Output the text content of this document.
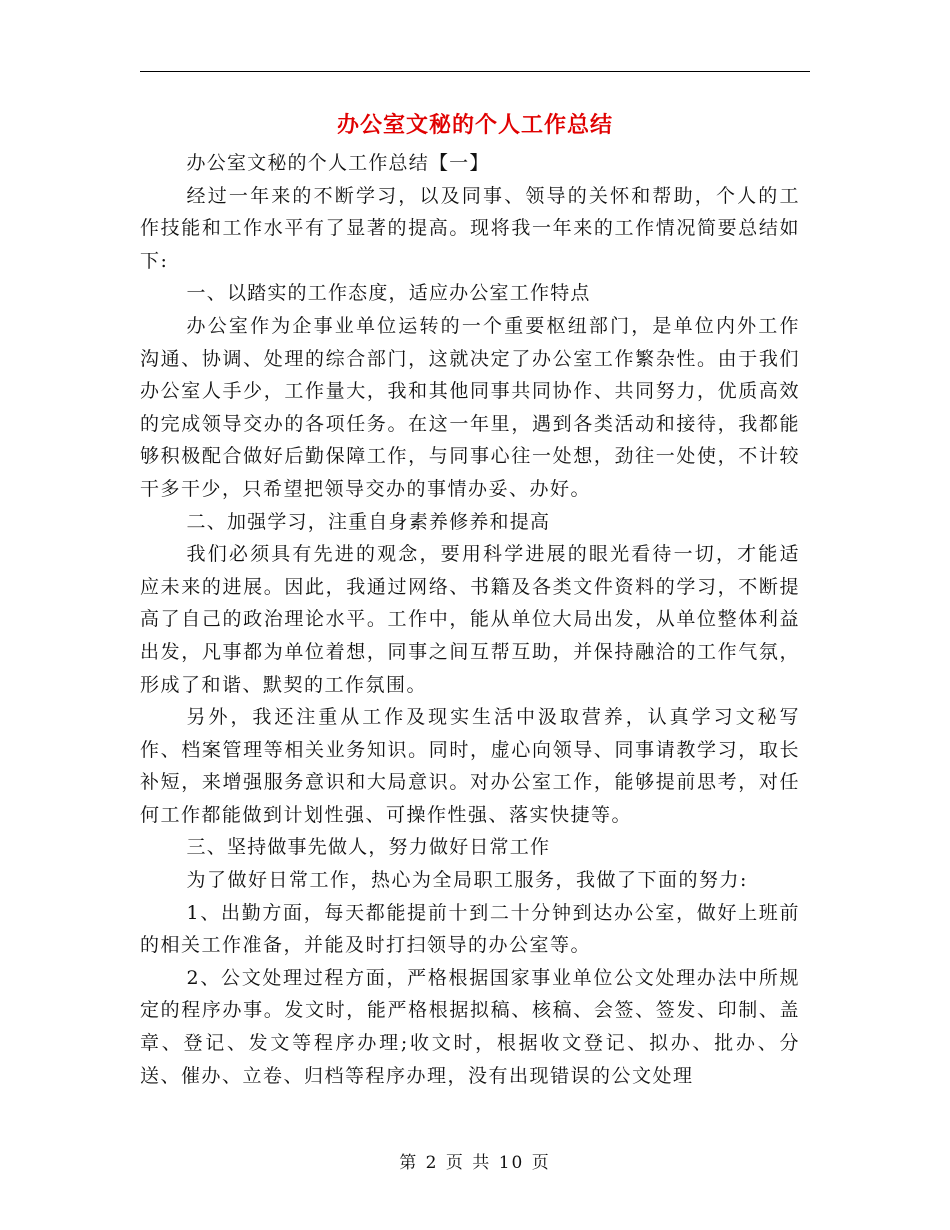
办公室文秘的个人工作总结

办公室文秘的个人工作总结【一】

经过一年来的不断学习，以及同事、领导的关怀和帮助，个人的工作技能和工作水平有了显著的提高。现将我一年来的工作情况简要总结如下:

一、以踏实的工作态度，适应办公室工作特点

办公室作为企事业单位运转的一个重要枢纽部门，是单位内外工作沟通、协调、处理的综合部门，这就决定了办公室工作繁杂性。由于我们办公室人手少，工作量大，我和其他同事共同协作、共同努力，优质高效的完成领导交办的各项任务。在这一年里，遇到各类活动和接待，我都能够积极配合做好后勤保障工作，与同事心往一处想，劲往一处使，不计较干多干少，只希望把领导交办的事情办妥、办好。

二、加强学习，注重自身素养修养和提高

我们必须具有先进的观念，要用科学进展的眼光看待一切，才能适应未来的进展。因此，我通过网络、书籍及各类文件资料的学习，不断提高了自己的政治理论水平。工作中，能从单位大局出发，从单位整体利益出发，凡事都为单位着想，同事之间互帮互助，并保持融洽的工作气氛，形成了和谐、默契的工作氛围。

另外，我还注重从工作及现实生活中汲取营养，认真学习文秘写作、档案管理等相关业务知识。同时，虚心向领导、同事请教学习，取长补短，来增强服务意识和大局意识。对办公室工作，能够提前思考，对任何工作都能做到计划性强、可操作性强、落实快捷等。

三、坚持做事先做人，努力做好日常工作

为了做好日常工作，热心为全局职工服务，我做了下面的努力:

1、出勤方面，每天都能提前十到二十分钟到达办公室，做好上班前的相关工作准备，并能及时打扫领导的办公室等。

2、公文处理过程方面，严格根据国家事业单位公文处理办法中所规定的程序办事。发文时，能严格根据拟稿、核稿、会签、签发、印制、盖章、登记、发文等程序办理;收文时，根据收文登记、拟办、批办、分送、催办、立卷、归档等程序办理，没有出现错误的公文处理

第 2 页 共 10 页
